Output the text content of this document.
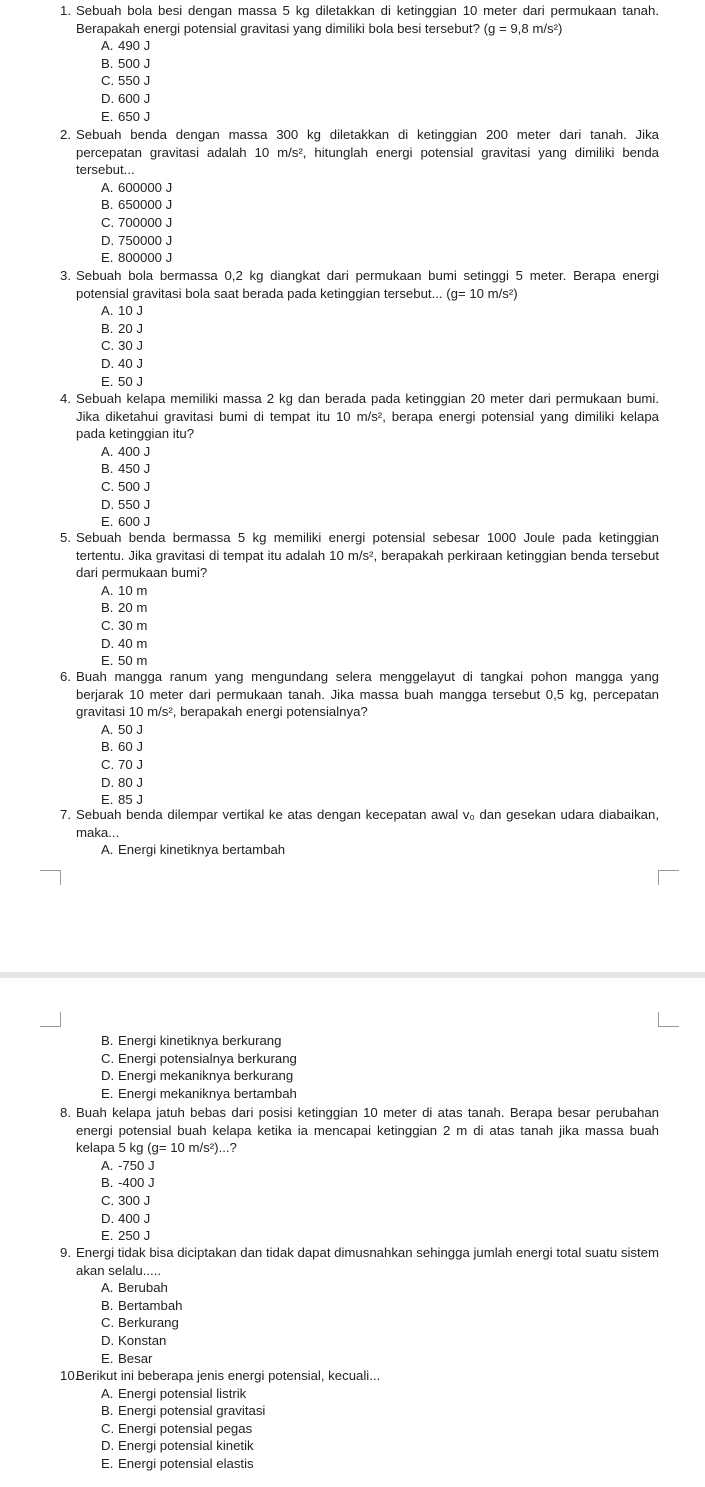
1. Sebuah bola besi dengan massa 5 kg diletakkan di ketinggian 10 meter dari permukaan tanah. Berapakah energi potensial gravitasi yang dimiliki bola besi tersebut? (g = 9,8 m/s²)
A. 490 J
B. 500 J
C. 550 J
D. 600 J
E. 650 J
2. Sebuah benda dengan massa 300 kg diletakkan di ketinggian 200 meter dari tanah. Jika percepatan gravitasi adalah 10 m/s², hitunglah energi potensial gravitasi yang dimiliki benda tersebut...
A. 600000 J
B. 650000 J
C. 700000 J
D. 750000 J
E. 800000 J
3. Sebuah bola bermassa 0,2 kg diangkat dari permukaan bumi setinggi 5 meter. Berapa energi potensial gravitasi bola saat berada pada ketinggian tersebut... (g= 10 m/s²)
A. 10 J
B. 20 J
C. 30 J
D. 40 J
E. 50 J
4. Sebuah kelapa memiliki massa 2 kg dan berada pada ketinggian 20 meter dari permukaan bumi. Jika diketahui gravitasi bumi di tempat itu 10 m/s², berapa energi potensial yang dimiliki kelapa pada ketinggian itu?
A. 400 J
B. 450 J
C. 500 J
D. 550 J
E. 600 J
5. Sebuah benda bermassa 5 kg memiliki energi potensial sebesar 1000 Joule pada ketinggian tertentu. Jika gravitasi di tempat itu adalah 10 m/s², berapakah perkiraan ketinggian benda tersebut dari permukaan bumi?
A. 10 m
B. 20 m
C. 30 m
D. 40 m
E. 50 m
6. Buah mangga ranum yang mengundang selera menggelayut di tangkai pohon mangga yang berjarak 10 meter dari permukaan tanah. Jika massa buah mangga tersebut 0,5 kg, percepatan gravitasi 10 m/s², berapakah energi potensialnya?
A. 50 J
B. 60 J
C. 70 J
D. 80 J
E. 85 J
7. Sebuah benda dilempar vertikal ke atas dengan kecepatan awal v₀ dan gesekan udara diabaikan, maka...
A. Energi kinetiknya bertambah
B. Energi kinetiknya berkurang
C. Energi potensialnya berkurang
D. Energi mekaniknya berkurang
E. Energi mekaniknya bertambah
8. Buah kelapa jatuh bebas dari posisi ketinggian 10 meter di atas tanah. Berapa besar perubahan energi potensial buah kelapa ketika ia mencapai ketinggian 2 m di atas tanah jika massa buah kelapa 5 kg (g= 10 m/s²)...?
A. -750 J
B. -400 J
C. 300 J
D. 400 J
E. 250 J
9. Energi tidak bisa diciptakan dan tidak dapat dimusnahkan sehingga jumlah energi total suatu sistem akan selalu.....
A. Berubah
B. Bertambah
C. Berkurang
D. Konstan
E. Besar
10.
Berikut ini beberapa jenis energi potensial, kecuali...
A. Energi potensial listrik
B. Energi potensial gravitasi
C. Energi potensial pegas
D. Energi potensial kinetik
E. Energi potensial elastis
